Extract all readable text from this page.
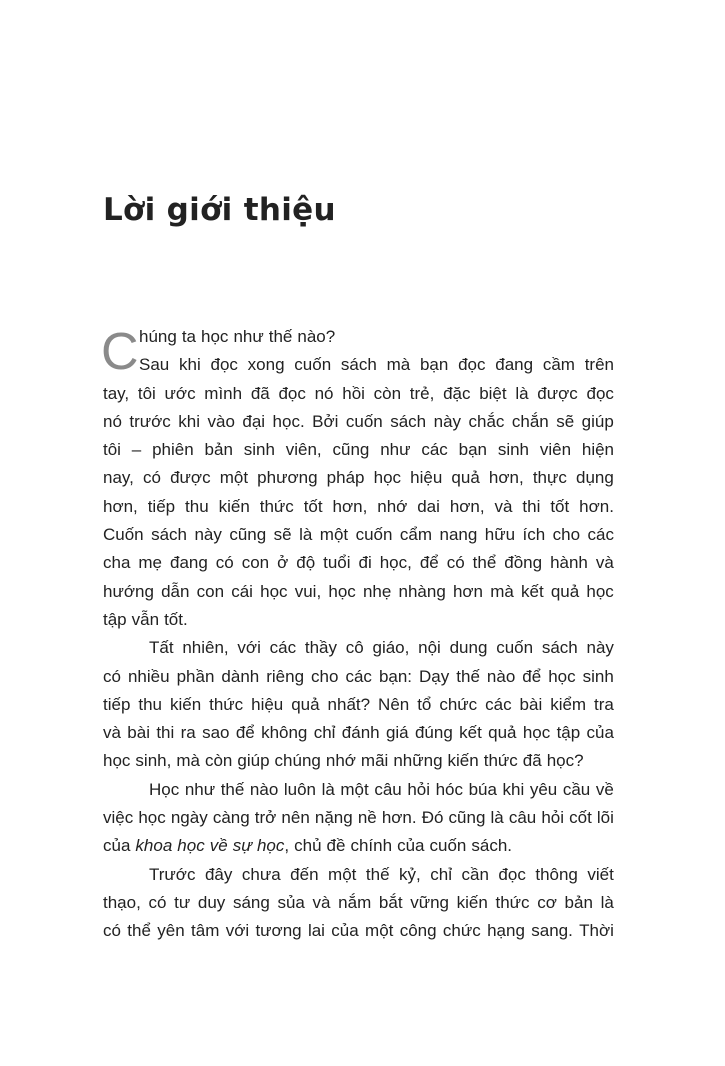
Lời giới thiệu
C húng ta học như thế nào?
Sau khi đọc xong cuốn sách mà bạn đọc đang cầm trên
tay, tôi ước mình đã đọc nó hồi còn trẻ, đặc biệt là được đọc
nó trước khi vào đại học. Bởi cuốn sách này chắc chắn sẽ giúp
tôi – phiên bản sinh viên, cũng như các bạn sinh viên hiện
nay, có được một phương pháp học hiệu quả hơn, thực dụng
hơn, tiếp thu kiến thức tốt hơn, nhớ dai hơn, và thi tốt hơn.
Cuốn sách này cũng sẽ là một cuốn cẩm nang hữu ích cho các
cha mẹ đang có con ở độ tuổi đi học, để có thể đồng hành và
hướng dẫn con cái học vui, học nhẹ nhàng hơn mà kết quả học
tập vẫn tốt.
Tất nhiên, với các thầy cô giáo, nội dung cuốn sách này
có nhiều phần dành riêng cho các bạn: Dạy thế nào để học sinh
tiếp thu kiến thức hiệu quả nhất? Nên tổ chức các bài kiểm tra
và bài thi ra sao để không chỉ đánh giá đúng kết quả học tập của
học sinh, mà còn giúp chúng nhớ mãi những kiến thức đã học?
Học như thế nào luôn là một câu hỏi hóc búa khi yêu cầu về
việc học ngày càng trở nên nặng nề hơn. Đó cũng là câu hỏi cốt lõi
của khoa học về sự học, chủ đề chính của cuốn sách.
Trước đây chưa đến một thế kỷ, chỉ cần đọc thông viết
thạo, có tư duy sáng sủa và nắm bắt vững kiến thức cơ bản là
có thể yên tâm với tương lai của một công chức hạng sang. Thời
